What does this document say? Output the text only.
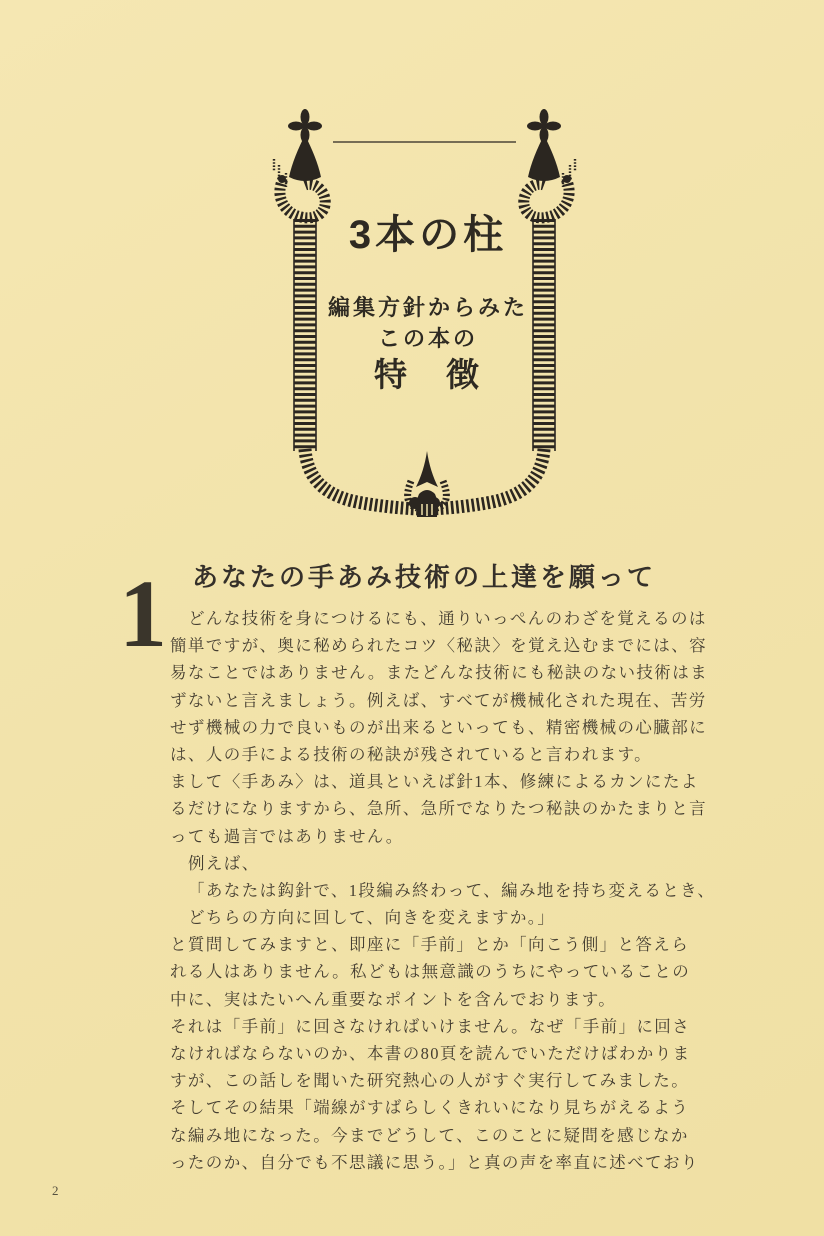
3本の柱
編集方針からみた
この本の
特　徴
1 あなたの手あみ技術の上達を願って
どんな技術を身につけるにも、通りいっぺんのわざを覚えるのは
簡単ですが、奥に秘められたコツ〈秘訣〉を覚え込むまでには、容
易なことではありません。またどんな技術にも秘訣のない技術はま
ずないと言えましょう。例えば、すべてが機械化された現在、苦労
せず機械の力で良いものが出来るといっても、精密機械の心臓部に
は、人の手による技術の秘訣が残されていると言われます。
まして〈手あみ〉は、道具といえば針1本、修練によるカンにたよ
るだけになりますから、急所、急所でなりたつ秘訣のかたまりと言
っても過言ではありません。
例えば、
「あなたは鈎針で、1段編み終わって、編み地を持ち変えるとき、
どちらの方向に回して、向きを変えますか。」
と質問してみますと、即座に「手前」とか「向こう側」と答えら
れる人はありません。私どもは無意識のうちにやっていることの
中に、実はたいへん重要なポイントを含んでおります。
それは「手前」に回さなければいけません。なぜ「手前」に回さ
なければならないのか、本書の80頁を読んでいただけばわかりま
すが、この話しを聞いた研究熱心の人がすぐ実行してみました。
そしてその結果「端線がすばらしくきれいになり見ちがえるよう
な編み地になった。今までどうして、このことに疑問を感じなか
ったのか、自分でも不思議に思う。」と真の声を率直に述べており
2
